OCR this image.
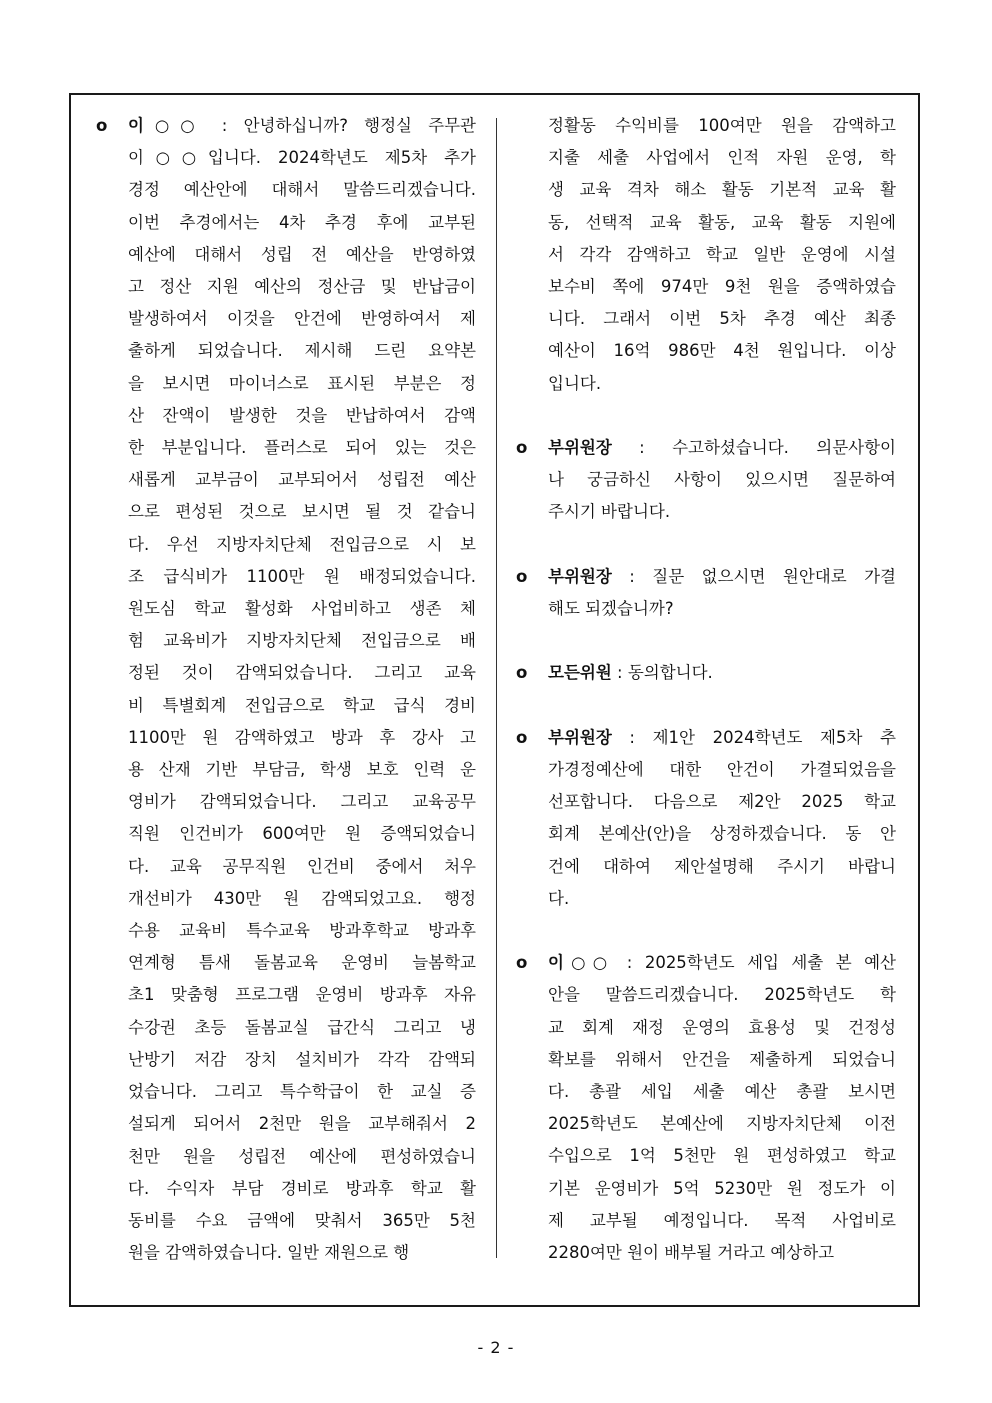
o 이○○ : 안녕하십니까? 행정실 주무관
이○○입니다. 2024학년도 제5차 추가
경정 예산안에 대해서 말씀드리겠습니다.
이번 추경에서는 4차 추경 후에 교부된
예산에 대해서 성립 전 예산을 반영하였
고 정산 지원 예산의 정산금 및 반납금이
발생하여서 이것을 안건에 반영하여서 제
출하게 되었습니다. 제시해 드린 요약본
을 보시면 마이너스로 표시된 부분은 정
산 잔액이 발생한 것을 반납하여서 감액
한 부분입니다. 플러스로 되어 있는 것은
새롭게 교부금이 교부되어서 성립전 예산
으로 편성된 것으로 보시면 될 것 같습니
다. 우선 지방자치단체 전입금으로 시 보
조 급식비가 1100만 원 배정되었습니다.
원도심 학교 활성화 사업비하고 생존 체
험 교육비가 지방자치단체 전입금으로 배
정된 것이 감액되었습니다. 그리고 교육
비 특별회계 전입금으로 학교 급식 경비
1100만 원 감액하였고 방과 후 강사 고
용 산재 기반 부담금, 학생 보호 인력 운
영비가 감액되었습니다. 그리고 교육공무
직원 인건비가 600여만 원 증액되었습니
다. 교육 공무직원 인건비 중에서 처우
개선비가 430만 원 감액되었고요. 행정
수용 교육비 특수교육 방과후학교 방과후
연계형 틈새 돌봄교육 운영비 늘봄학교
초1 맞춤형 프로그램 운영비 방과후 자유
수강권 초등 돌봄교실 급간식 그리고 냉
난방기 저감 장치 설치비가 각각 감액되
었습니다. 그리고 특수학급이 한 교실 증
설되게 되어서 2천만 원을 교부해줘서 2
천만 원을 성립전 예산에 편성하였습니
다. 수익자 부담 경비로 방과후 학교 활
동비를 수요 금액에 맞춰서 365만 5천
원을 감액하였습니다. 일반 재원으로 행
정활동 수익비를 100여만 원을 감액하고
지출 세출 사업에서 인적 자원 운영, 학
생 교육 격차 해소 활동 기본적 교육 활
동, 선택적 교육 활동, 교육 활동 지원에
서 각각 감액하고 학교 일반 운영에 시설
보수비 쪽에 974만 9천 원을 증액하였습
니다. 그래서 이번 5차 추경 예산 최종
예산이 16억 986만 4천 원입니다. 이상
입니다.
o 부위원장 : 수고하셨습니다. 의문사항이
나 궁금하신 사항이 있으시면 질문하여
주시기 바랍니다.
o 부위원장 : 질문 없으시면 원안대로 가결
해도 되겠습니까?
o 모든위원 : 동의합니다.
o 부위원장 : 제1안 2024학년도 제5차 추
가경정예산에 대한 안건이 가결되었음을
선포합니다. 다음으로 제2안 2025 학교
회계 본예산(안)을 상정하겠습니다. 동 안
건에 대하여 제안설명해 주시기 바랍니
다.
o 이○○ : 2025학년도 세입 세출 본 예산
안을 말씀드리겠습니다. 2025학년도 학
교 회계 재정 운영의 효용성 및 건정성
확보를 위해서 안건을 제출하게 되었습니
다. 총괄 세입 세출 예산 총괄 보시면
2025학년도 본예산에 지방자치단체 이전
수입으로 1억 5천만 원 편성하였고 학교
기본 운영비가 5억 5230만 원 정도가 이
제 교부될 예정입니다. 목적 사업비로
2280여만 원이 배부될 거라고 예상하고
- 2 -
